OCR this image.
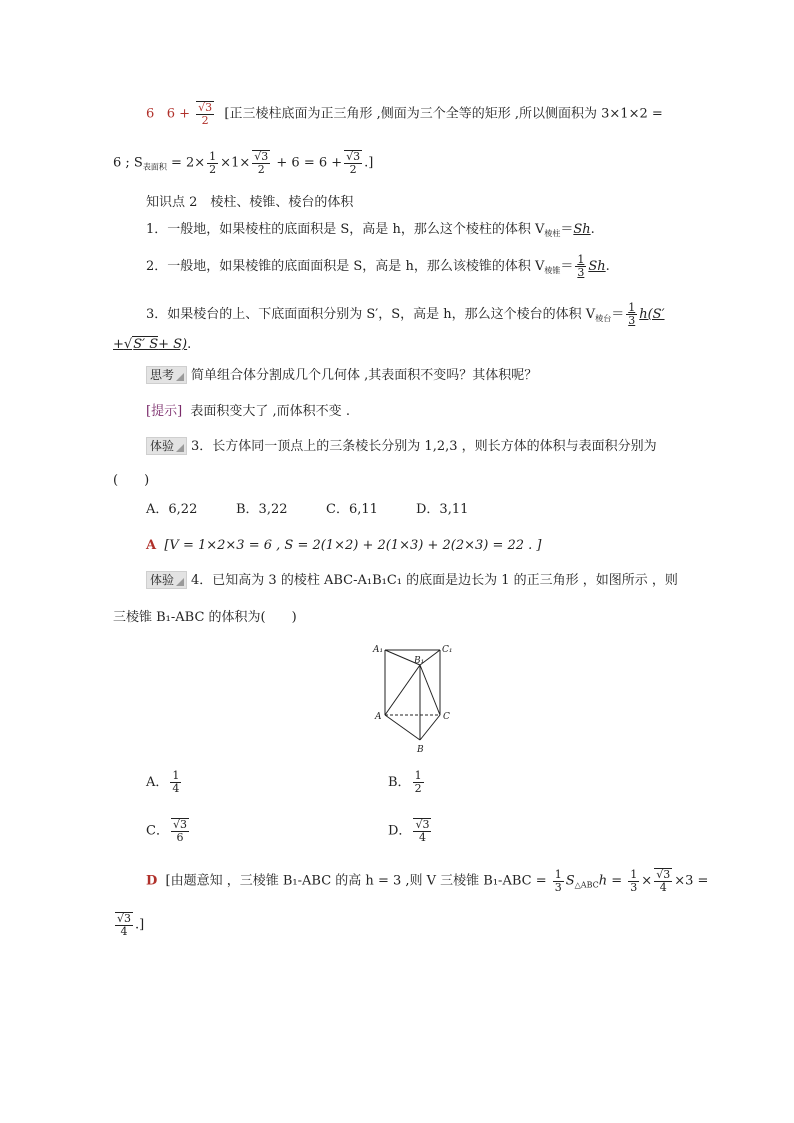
6 $6 + \frac{√3}{2}$ [正三棱柱底面为正三角形 ,侧面为三个全等的矩形 ,所以侧面积为 3×1×2 =
6 ; $S_{表面积} = 2\times \frac{1}{2} \times 1\times \frac{√3}{2} + 6 = 6 + \frac{√3}{2}$ .]
知识点 2　棱柱、棱锥、棱台的体积
1．一般地，如果棱柱的底面积是 S，高是 h，那么这个棱柱的体积 $V_{棱柱}=Sh$.
2．一般地，如果棱锥的底面面积是 S，高是 h，那么该棱锥的体积 $V_{棱锥}= \frac{1}{3} Sh$.
3．如果棱台的上、下底面面积分别为 S′，S，高是 h，那么这个棱台的体积 $V_{棱台}= \frac{1}{3} h(S'$
+√S′ S+ S).
思考 简单组合体分割成几个几何体 ,其表面积不变吗？其体积呢？
[提示] 表面积变大了 ,而体积不变 .
体验 3．长方体同一顶点上的三条棱长分别为 1,2,3 ，则长方体的体积与表面积分别为
(　　)
A．6,22	B．3,22	C．6,11	D．3,11
A [V = 1×2×3 = 6 , S = 2(1×2) + 2(1×3) + 2(2×3) = 22 . ]
体验 4．已知高为 3 的棱柱 ABC-A₁B₁C₁ 的底面是边长为 1 的正三角形 ，如图所示 ，则
三棱锥 B₁-ABC 的体积为(　　)
A₁
B₁
C₁
A	C
B
A． $\frac{1}{4}$	B． $\frac{1}{2}$
C． $\frac{√3}{6}$	D． $\frac{√3}{4}$
D [由题意知 ，三棱锥 B₁-ABC 的高 h = 3 ,则 V 三棱锥 $B_1-ABC = \frac{1}{3} S_{\triangle ABC}h = \frac{1}{3} \times \frac{√3}{4} \times 3$ =
$\frac{√3}{4}$ .]
